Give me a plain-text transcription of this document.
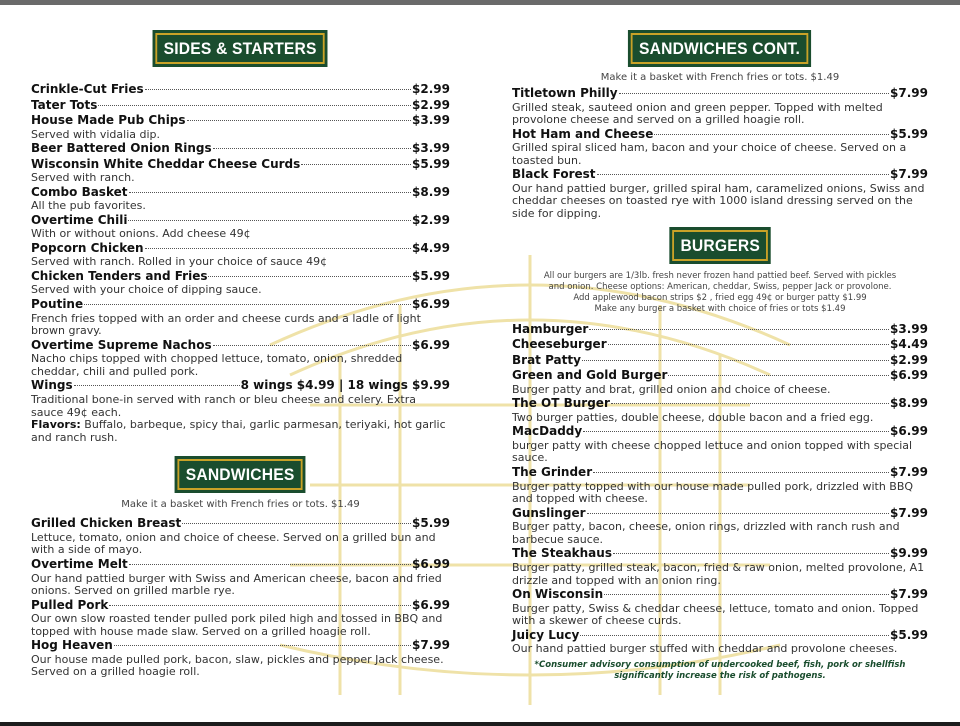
SIDES & STARTERS
Crinkle-Cut Fries	$2.99
Tater Tots	$2.99
House Made Pub Chips	$3.99
Served with vidalia dip.
Beer Battered Onion Rings	$3.99
Wisconsin White Cheddar Cheese Curds	$5.99
Served with ranch.
Combo Basket	$8.99
All the pub favorites.
Overtime Chili	$2.99
With or without onions. Add cheese 49¢
Popcorn Chicken	$4.99
Served with ranch. Rolled in your choice of sauce 49¢
Chicken Tenders and Fries	$5.99
Served with your choice of dipping sauce.
Poutine	$6.99
French fries topped with an order and cheese curds and a ladle of light brown gravy.
Overtime Supreme Nachos	$6.99
Nacho chips topped with chopped lettuce, tomato, onion, shredded cheddar, chili and pulled pork.
Wings	8 wings $4.99 | 18 wings $9.99
Traditional bone-in served with ranch or bleu cheese and celery. Extra sauce 49¢ each.
Flavors: Buffalo, barbeque, spicy thai, garlic parmesan, teriyaki, hot garlic and ranch rush.
SANDWICHES
Make it a basket with French fries or tots. $1.49
Grilled Chicken Breast	$5.99
Lettuce, tomato, onion and choice of cheese. Served on a grilled bun and with a side of mayo.
Overtime Melt	$6.99
Our hand pattied burger with Swiss and American cheese, bacon and fried onions. Served on grilled marble rye.
Pulled Pork	$6.99
Our own slow roasted tender pulled pork piled high and tossed in BBQ and topped with house made slaw. Served on a grilled hoagie roll.
Hog Heaven	$7.99
Our house made pulled pork, bacon, slaw, pickles and pepper Jack cheese. Served on a grilled hoagie roll.
SANDWICHES CONT.
Make it a basket with French fries or tots. $1.49
Titletown Philly	$7.99
Grilled steak, sauteed onion and green pepper. Topped with melted provolone cheese and served on a grilled hoagie roll.
Hot Ham and Cheese	$5.99
Grilled spiral sliced ham, bacon and your choice of cheese. Served on a toasted bun.
Black Forest	$7.99
Our hand pattied burger, grilled spiral ham, caramelized onions, Swiss and cheddar cheeses on toasted rye with 1000 island dressing served on the side for dipping.
BURGERS
All our burgers are 1/3lb. fresh never frozen hand pattied beef. Served with pickles
and onion. Cheese options: American, cheddar, Swiss, pepper Jack or provolone.
Add applewood bacon strips $2 , fried egg 49¢ or burger patty $1.99
Make any burger a basket with choice of fries or tots $1.49
Hamburger	$3.99
Cheeseburger	$4.49
Brat Patty	$2.99
Green and Gold Burger	$6.99
Burger patty and brat, grilled onion and choice of cheese.
The OT Burger	$8.99
Two burger patties, double cheese, double bacon and a fried egg.
MacDaddy	$6.99
burger patty with cheese chopped lettuce and onion topped with special sauce.
The Grinder	$7.99
Burger patty topped with our house made pulled pork, drizzled with BBQ and topped with cheese.
Gunslinger	$7.99
Burger patty, bacon, cheese, onion rings, drizzled with ranch rush and barbecue sauce.
The Steakhaus	$9.99
Burger patty, grilled steak, bacon, fried & raw onion, melted provolone, A1 drizzle and topped with an onion ring.
On Wisconsin	$7.99
Burger patty, Swiss & cheddar cheese, lettuce, tomato and onion. Topped with a skewer of cheese curds.
Juicy Lucy	$5.99
Our hand pattied burger stuffed with cheddar and provolone cheeses.
*Consumer advisory consumption of undercooked beef, fish, pork or shellfish
significantly increase the risk of pathogens.
